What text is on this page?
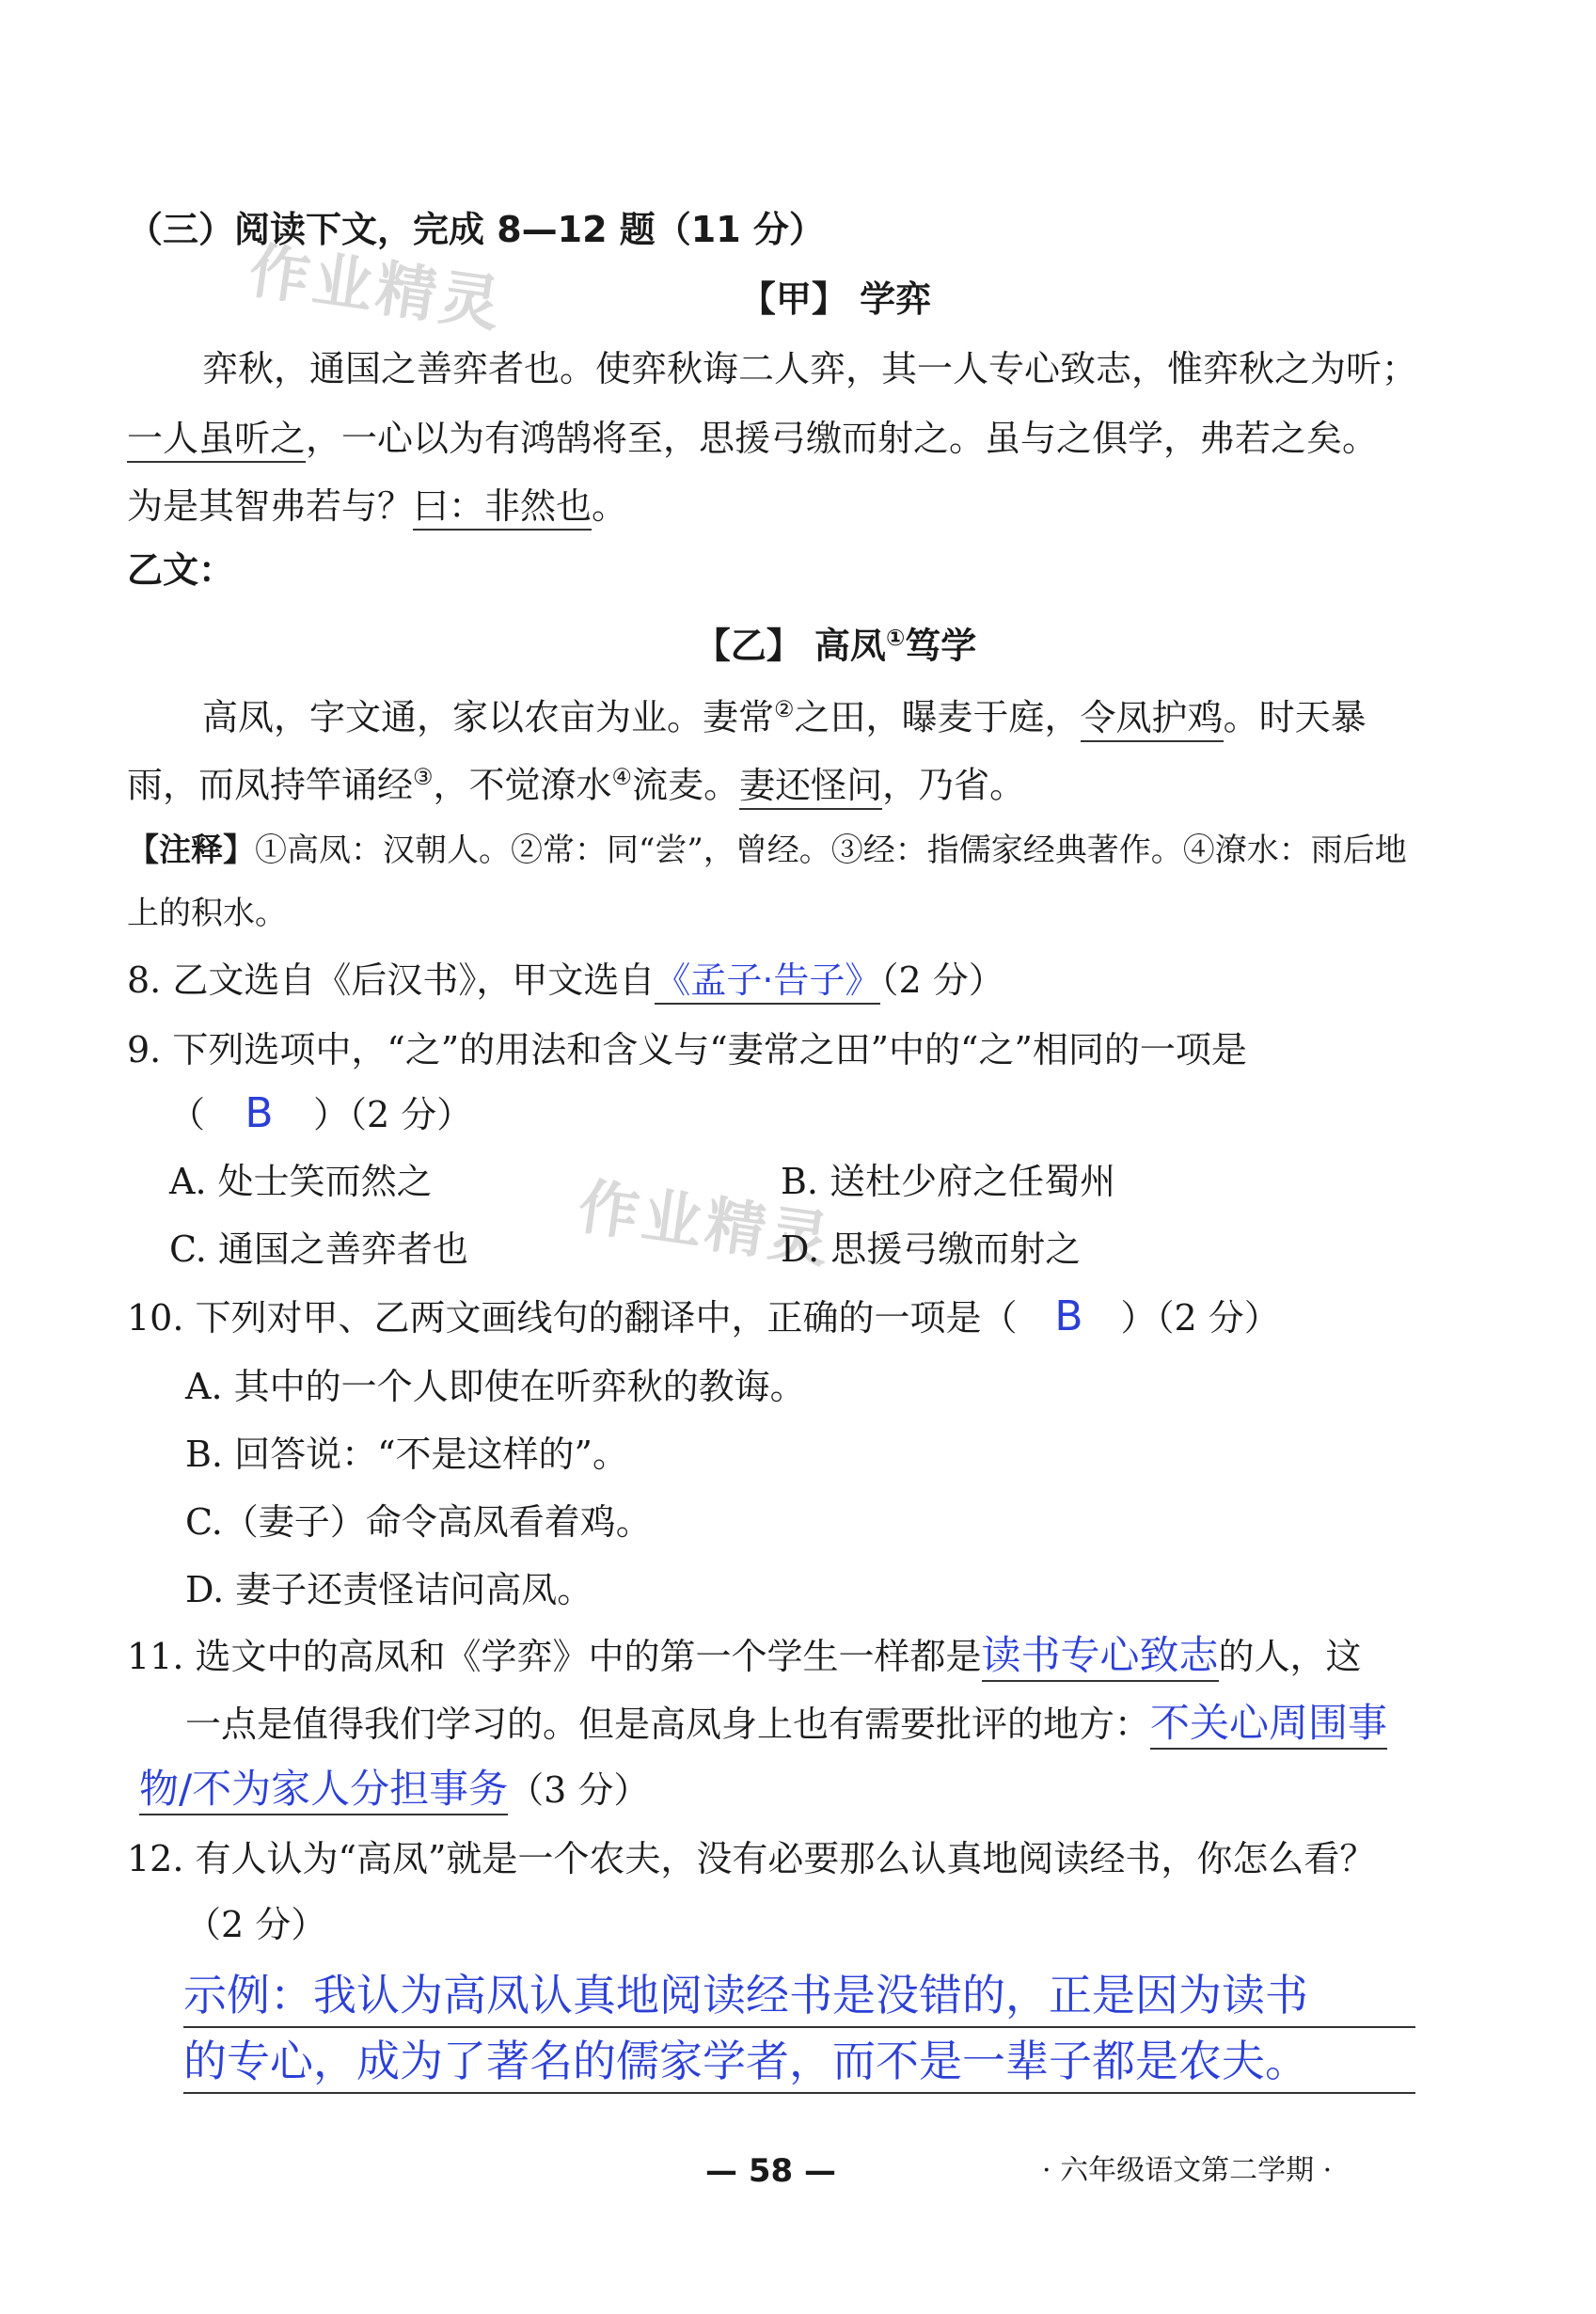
作业精灵
作业精灵
（三）阅读下文，完成 8—12 题（11 分）
【甲】 学弈
弈秋，通国之善弈者也。使弈秋诲二人弈，其一人专心致志，惟弈秋之为听；
一人虽听之，一心以为有鸿鹄将至，思援弓缴而射之。虽与之俱学，弗若之矣。
为是其智弗若与？曰：非然也。
乙文：
【乙】 高凤①笃学
高凤，字文通，家以农亩为业。妻常②之田，曝麦于庭，令凤护鸡。时天暴
雨，而凤持竿诵经③，不觉潦水④流麦。妻还怪问，乃省。
【注释】①高凤：汉朝人。②常：同“尝”，曾经。③经：指儒家经典著作。④潦水：雨后地
上的积水。
8. 乙文选自《后汉书》，甲文选自《孟子·告子》（2 分）
9. 下列选项中，“之”的用法和含义与“妻常之田”中的“之”相同的一项是
（ B ）（2 分）
A. 处士笑而然之	B. 送杜少府之任蜀州
C. 通国之善弈者也	D. 思援弓缴而射之
10. 下列对甲、乙两文画线句的翻译中，正确的一项是（ B ）（2 分）
A. 其中的一个人即使在听弈秋的教诲。
B. 回答说：“不是这样的”。
C.（妻子）命令高凤看着鸡。
D. 妻子还责怪诘问高凤。
11. 选文中的高凤和《学弈》中的第一个学生一样都是读书专心致志的人，这
一点是值得我们学习的。但是高凤身上也有需要批评的地方：不关心周围事
物/不为家人分担事务（3 分）
12. 有人认为“高凤”就是一个农夫，没有必要那么认真地阅读经书，你怎么看？
（2 分）
示例：我认为高凤认真地阅读经书是没错的，正是因为读书
的专心，成为了著名的儒家学者，而不是一辈子都是农夫。
— 58 —	· 六年级语文第二学期 ·
